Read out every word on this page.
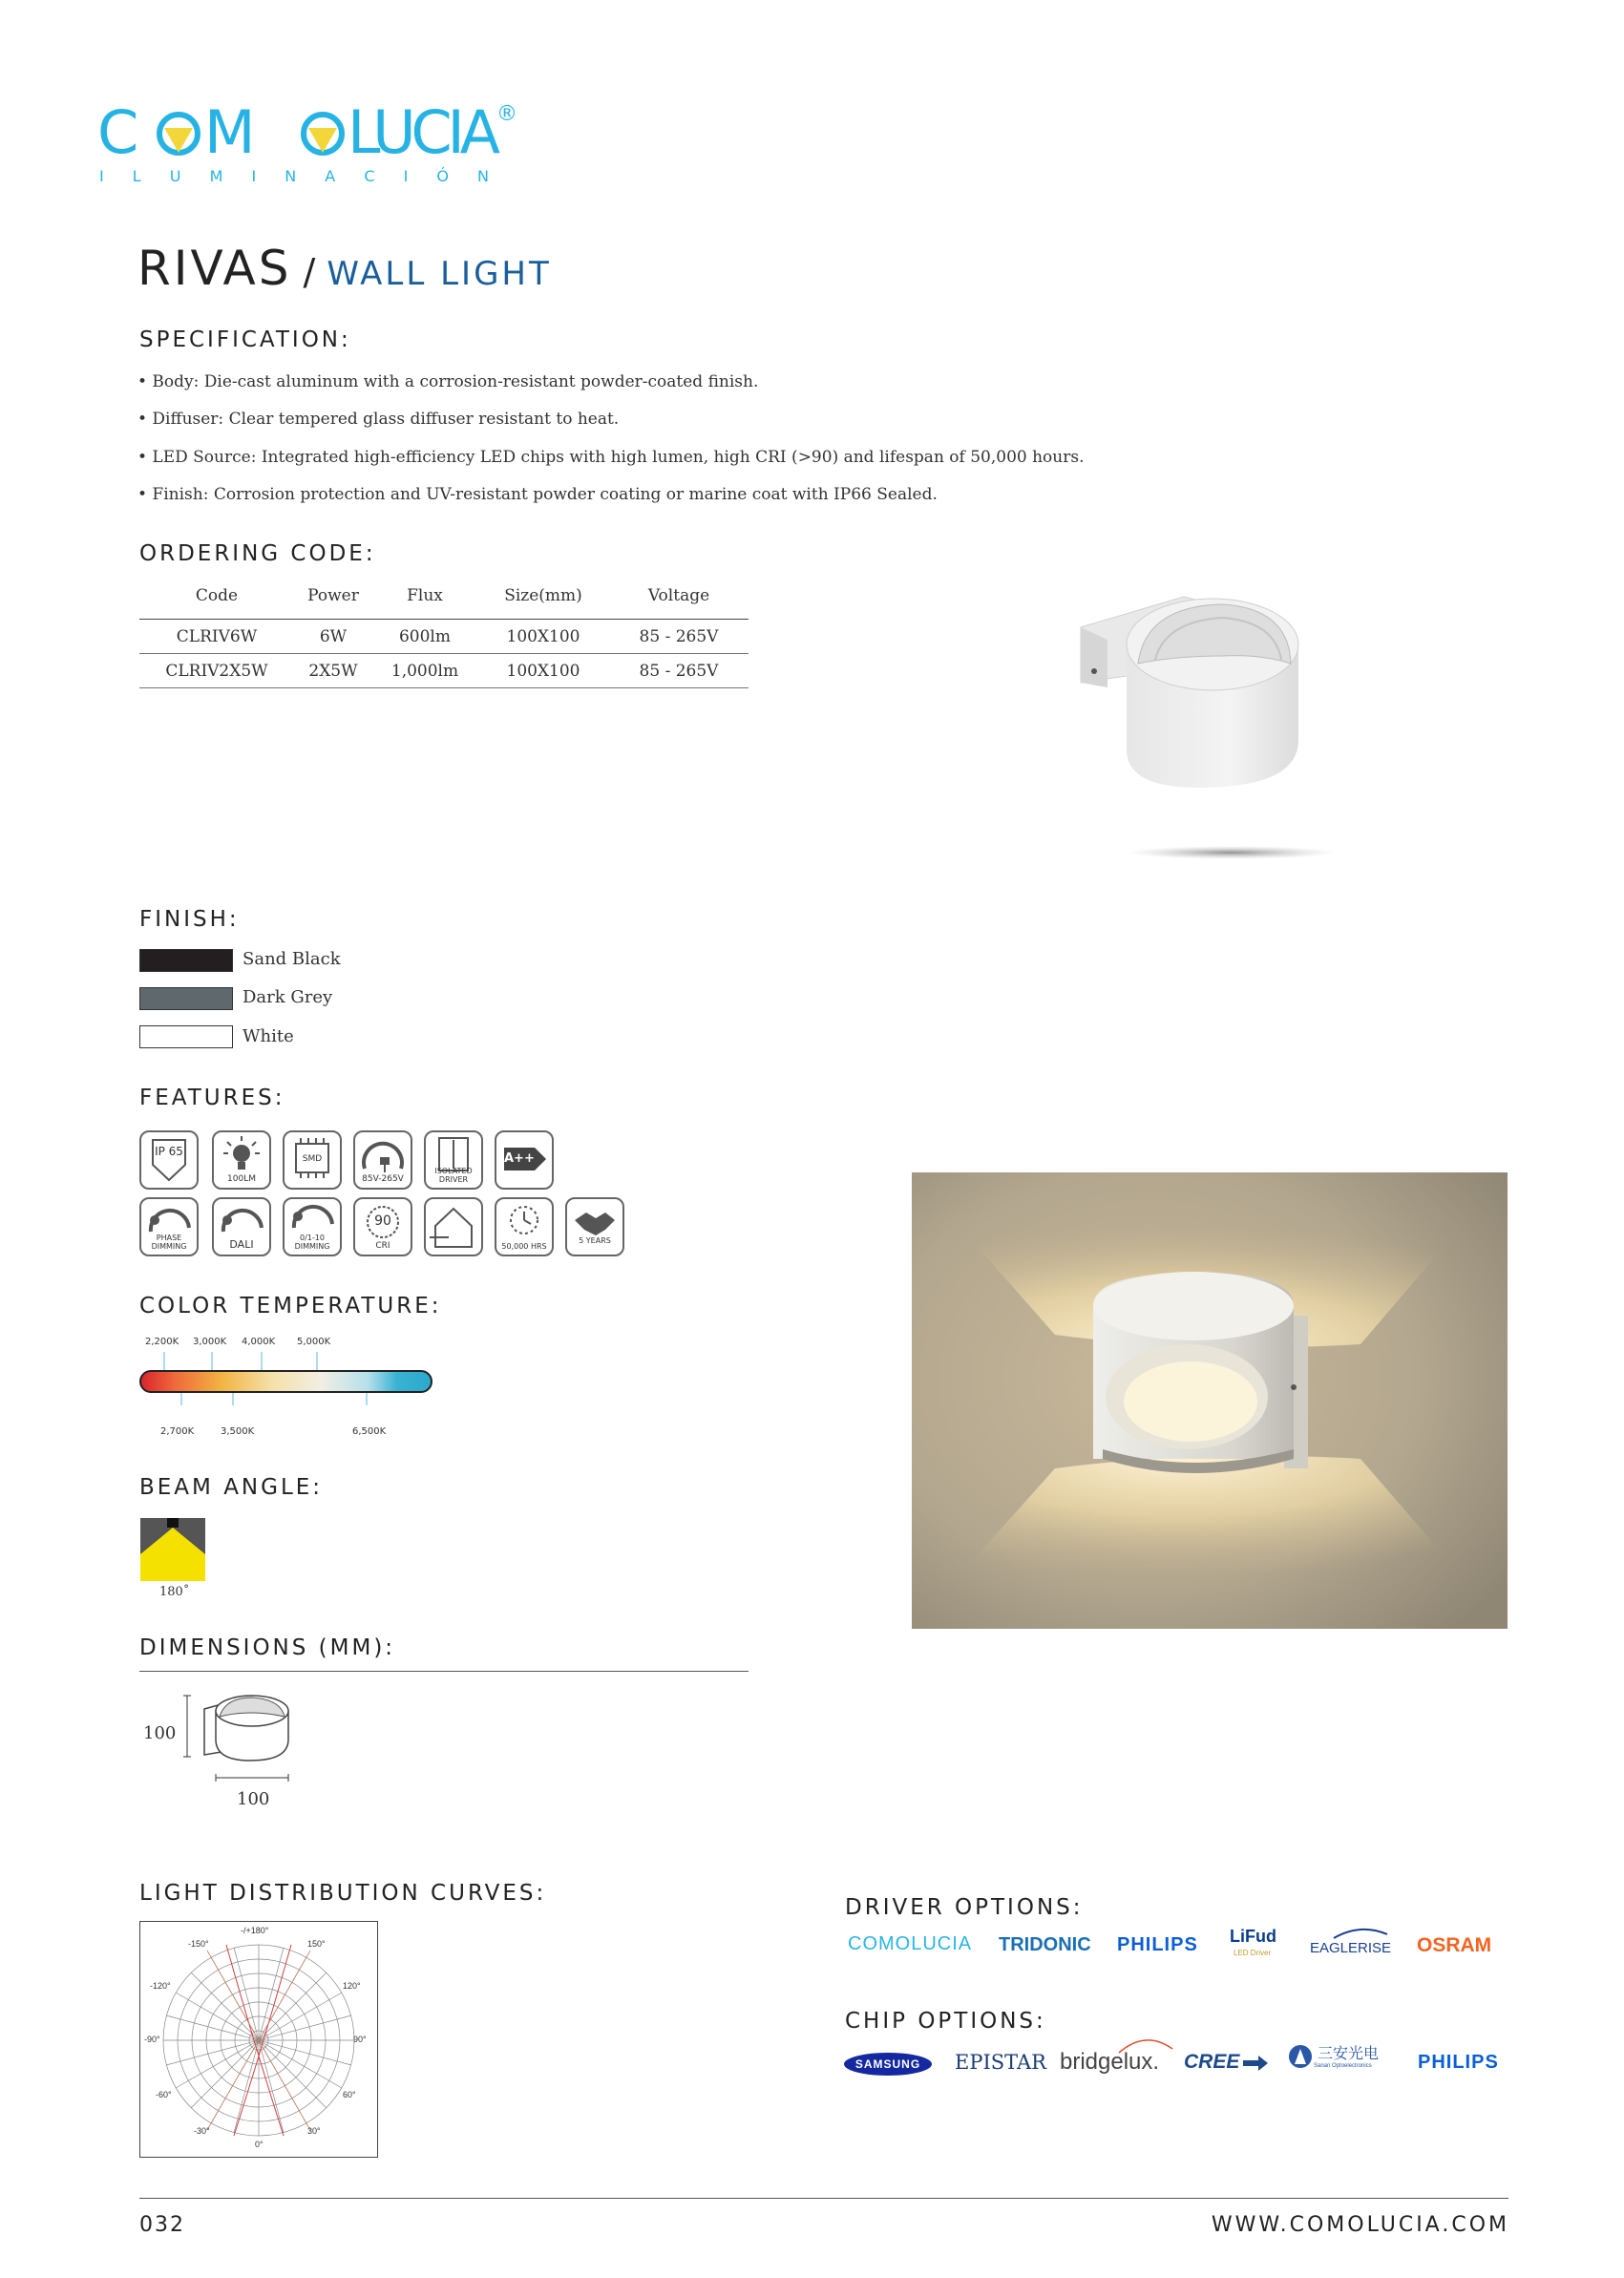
C M LUCIA
®
I L U M I N A C I Ó N
RIVAS / WALL LIGHT
SPECIFICATION:
• Body: Die-cast aluminum with a corrosion-resistant powder-coated finish.
• Diffuser: Clear tempered glass diffuser resistant to heat.
• LED Source: Integrated high-efficiency LED chips with high lumen, high CRI (>90) and lifespan of 50,000 hours.
• Finish: Corrosion protection and UV-resistant powder coating or marine coat with IP66 Sealed.
ORDERING CODE:
Code	Power	Flux	Size(mm)	Voltage

CLRIV6W	6W	600lm	100X100	85 - 265V

CLRIV2X5W	2X5W	1,000lm	100X100	85 - 265V

FINISH:
Sand Black
Dark Grey
White
FEATURES:
IP 65
100LM
SMD
85V-265V
ISOLATED DRIVER
A++
PHASE DIMMING	DALI
0/1-10 DIMMING
90
CRI	50,000 HRS
5 YEARS
COLOR TEMPERATURE:
2,200K 3,000K 4,000K 5,000K
2,700K	3,500K	6,500K
BEAM ANGLE:
180˚
DIMENSIONS (MM):
100
100
LIGHT DISTRIBUTION CURVES:
-/+180°
-150°	150°
-120°	120°
-90°	90°
-60°	60°
-30°	30°
0°
DRIVER OPTIONS:
COMOLUCIA TRIDONIC PHILIPS LiFud
LED Driver	EAGLERISE OSRAM
CHIP OPTIONS:
SAMSUNG	EPISTAR bridgelux. CREE	三安光电
Sanan Optoelectronics PHILIPS
032	WWW.COMOLUCIA.COM
